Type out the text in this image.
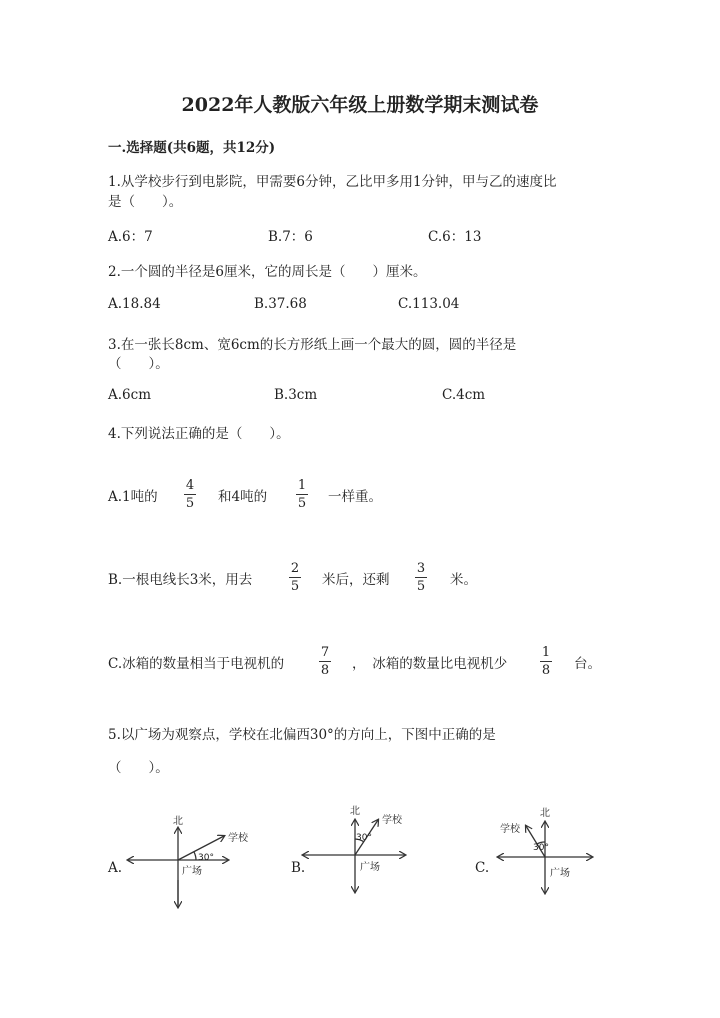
2022年人教版六年级上册数学期末测试卷
一.选择题(共6题，共12分)
1.从学校步行到电影院，甲需要6分钟，乙比甲多用1分钟，甲与乙的速度比
是（　　）。
A.6：7	B.7：6	C.6：13
2.一个圆的半径是6厘米，它的周长是（　　）厘米。
A.18.84	B.37.68	C.113.04
3.在一张长8cm、宽6cm的长方形纸上画一个最大的圆，圆的半径是
（　　）。
A.6cm	B.3cm	C.4cm
4.下列说法正确的是（　　）。
A.1吨的
4
5 和4吨的
1
5 一样重。
B.一根电线长3米，用去
2
5 米后，还剩
3
5 米。
C.冰箱的数量相当于电视机的
7
8 ，　冰箱的数量比电视机少
1
8 台。
5.以广场为观察点，学校在北偏西30°的方向上，下图中正确的是
（　　）。
A.	B.	C.
北
学校
30°
广场
北
学校
30°
广场
北
学校
30°
广场
